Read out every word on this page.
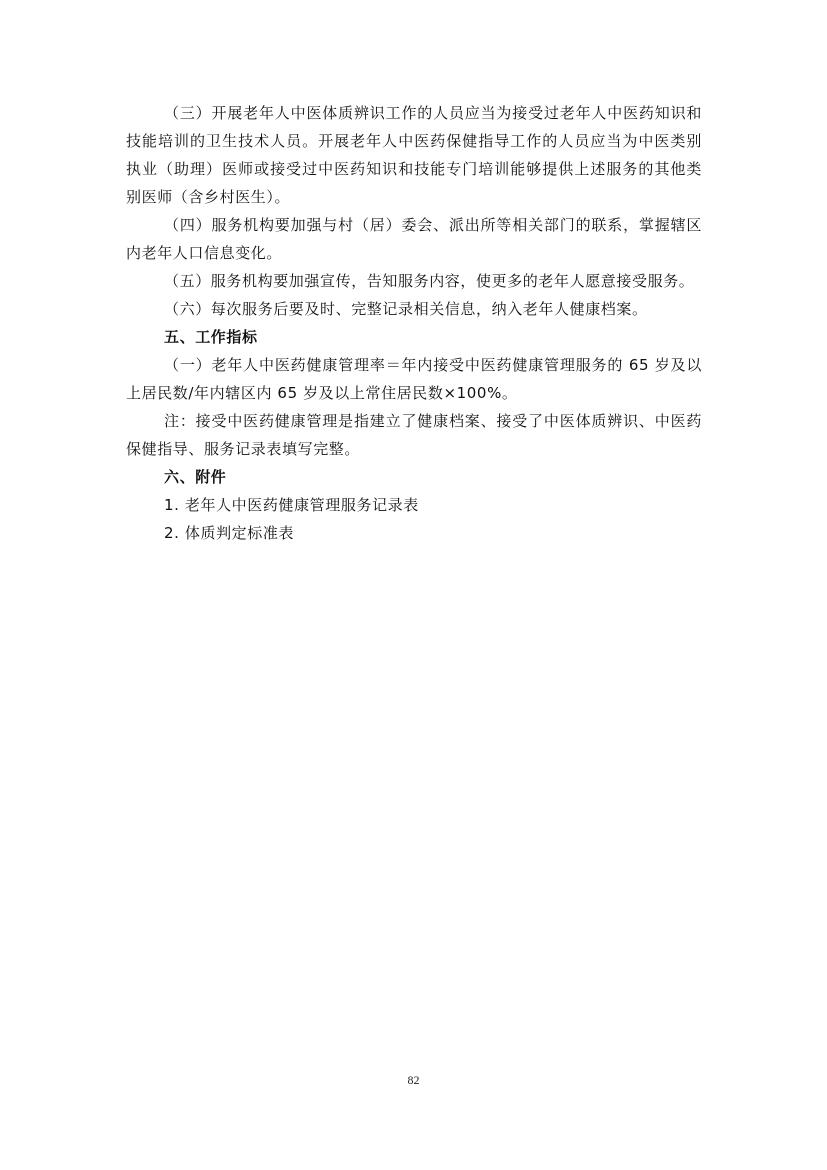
（三）开展老年人中医体质辨识工作的人员应当为接受过老年人中医药知识和技能培训的卫生技术人员。开展老年人中医药保健指导工作的人员应当为中医类别执业（助理）医师或接受过中医药知识和技能专门培训能够提供上述服务的其他类别医师（含乡村医生）。

（四）服务机构要加强与村（居）委会、派出所等相关部门的联系，掌握辖区内老年人口信息变化。

（五）服务机构要加强宣传，告知服务内容，使更多的老年人愿意接受服务。

（六）每次服务后要及时、完整记录相关信息，纳入老年人健康档案。

五、工作指标

（一）老年人中医药健康管理率＝年内接受中医药健康管理服务的 65 岁及以上居民数/年内辖区内 65 岁及以上常住居民数×100%。

注：接受中医药健康管理是指建立了健康档案、接受了中医体质辨识、中医药保健指导、服务记录表填写完整。

六、附件

1. 老年人中医药健康管理服务记录表

2. 体质判定标准表

82
